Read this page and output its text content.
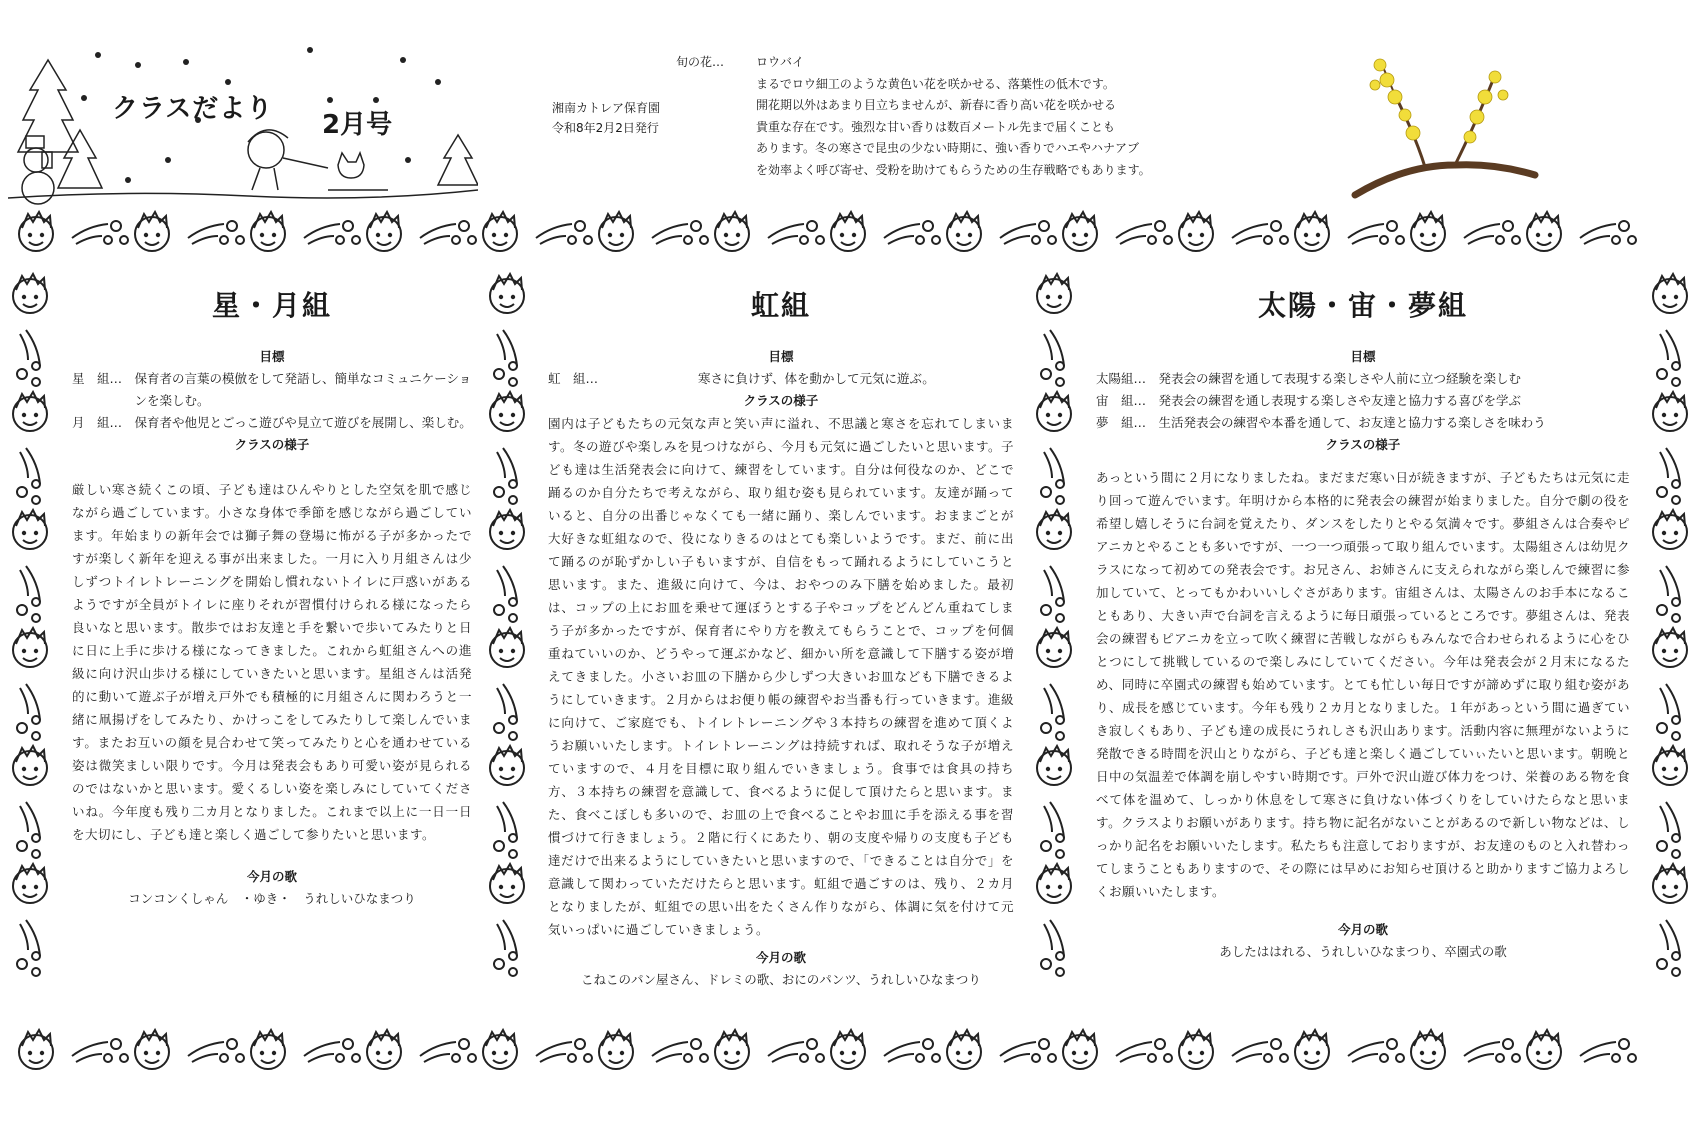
クラスだより
2月号
湘南カトレア保育園
令和8年2月2日発行
旬の花…	ロウバイ
まるでロウ細工のような黄色い花を咲かせる、落葉性の低木です。
開花期以外はあまり目立ちませんが、新春に香り高い花を咲かせる
貴重な存在です。強烈な甘い香りは数百メートル先まで届くことも
あります。冬の寒さで昆虫の少ない時期に、強い香りでハエやハナアブ
を効率よく呼び寄せ、受粉を助けてもらうための生存戦略でもあります。
星・月組
目標
星　組…　 保育者の言葉の模倣をして発語し、簡単なコミュニケーションを楽しむ。
月　組…　 保育者や他児とごっこ遊びや見立て遊びを展開し、楽しむ。
クラスの様子
厳しい寒さ続くこの頃、子ども達はひんやりとした空気を肌で感じながら過ごしています。小さな身体で季節を感じながら過ごしています。年始まりの新年会では獅子舞の登場に怖がる子が多かったですが楽しく新年を迎える事が出来ました。一月に入り月組さんは少しずつトイレトレーニングを開始し慣れないトイレに戸惑いがあるようですが全員がトイレに座りそれが習慣付けられる様になったら良いなと思います。散歩ではお友達と手を繋いで歩いてみたりと日に日に上手に歩ける様になってきました。これから虹組さんへの進級に向け沢山歩ける様にしていきたいと思います。星組さんは活発的に動いて遊ぶ子が増え戸外でも積極的に月組さんに関わろうと一緒に凧揚げをしてみたり、かけっこをしてみたりして楽しんでいます。またお互いの顔を見合わせて笑ってみたりと心を通わせている姿は微笑ましい限りです。今月は発表会もあり可愛い姿が見られるのではないかと思います。愛くるしい姿を楽しみにしていてくださいね。今年度も残り二カ月となりました。これまで以上に一日一日を大切にし、子ども達と楽しく過ごして参りたいと思います。
今月の歌
コンコンくしゃん　・ゆき・　うれしいひなまつり
虹組
目標
虹　組…　　　　　　　　 寒さに負けず、体を動かして元気に遊ぶ。
クラスの様子
園内は子どもたちの元気な声と笑い声に溢れ、不思議と寒さを忘れてしまいます。冬の遊びや楽しみを見つけながら、今月も元気に過ごしたいと思います。子ども達は生活発表会に向けて、練習をしています。自分は何役なのか、どこで踊るのか自分たちで考えながら、取り組む姿も見られています。友達が踊っていると、自分の出番じゃなくても一緒に踊り、楽しんでいます。おままごとが大好きな虹組なので、役になりきるのはとても楽しいようです。まだ、前に出て踊るのが恥ずかしい子もいますが、自信をもって踊れるようにしていこうと思います。また、進級に向けて、今は、おやつのみ下膳を始めました。最初は、コップの上にお皿を乗せて運ぼうとする子やコップをどんどん重ねてしまう子が多かったですが、保育者にやり方を教えてもらうことで、コップを何個重ねていいのか、どうやって運ぶかなど、細かい所を意識して下膳する姿が増えてきました。小さいお皿の下膳から少しずつ大きいお皿なども下膳できるようにしていきます。２月からはお便り帳の練習やお当番も行っていきます。進級に向けて、ご家庭でも、トイレトレーニングや３本持ちの練習を進めて頂くようお願いいたします。トイレトレーニングは持続すれば、取れそうな子が増えていますので、４月を目標に取り組んでいきましょう。食事では食具の持ち方、３本持ちの練習を意識して、食べるように促して頂けたらと思います。また、食べこぼしも多いので、お皿の上で食べることやお皿に手を添える事を習慣づけて行きましょう。２階に行くにあたり、朝の支度や帰りの支度も子ども達だけで出来るようにしていきたいと思いますので、「できることは自分で」を意識して関わっていただけたらと思います。虹組で過ごすのは、残り、２カ月となりましたが、虹組での思い出をたくさん作りながら、体調に気を付けて元気いっぱいに過ごしていきましょう。
今月の歌
こねこのパン屋さん、ドレミの歌、おにのパンツ、うれしいひなまつり
太陽・宙・夢組
目標
太陽組…　 発表会の練習を通して表現する楽しさや人前に立つ経験を楽しむ
宙　組…　 発表会の練習を通し表現する楽しさや友達と協力する喜びを学ぶ
夢　組…　 生活発表会の練習や本番を通して、お友達と協力する楽しさを味わう
クラスの様子
あっという間に２月になりましたね。まだまだ寒い日が続きますが、子どもたちは元気に走り回って遊んでいます。年明けから本格的に発表会の練習が始まりました。自分で劇の役を希望し嬉しそうに台詞を覚えたり、ダンスをしたりとやる気満々です。夢組さんは合奏やピアニカとやることも多いですが、一つ一つ頑張って取り組んでいます。太陽組さんは幼児クラスになって初めての発表会です。お兄さん、お姉さんに支えられながら楽しんで練習に参加していて、とってもかわいいしぐさがあります。宙組さんは、太陽さんのお手本になることもあり、大きい声で台詞を言えるように毎日頑張っているところです。夢組さんは、発表会の練習もピアニカを立って吹く練習に苦戦しながらもみんなで合わせられるように心をひとつにして挑戦しているので楽しみにしていてください。今年は発表会が２月末になるため、同時に卒園式の練習も始めています。とても忙しい毎日ですが諦めずに取り組む姿があり、成長を感じています。今年も残り２カ月となりました。１年があっという間に過ぎていき寂しくもあり、子ども達の成長にうれしさも沢山あります。活動内容に無理がないように発散できる時間を沢山とりながら、子ども達と楽しく過ごしていぃたいと思います。朝晩と日中の気温差で体調を崩しやすい時期です。戸外で沢山遊び体力をつけ、栄養のある物を食べて体を温めて、しっかり休息をして寒さに負けない体づくりをしていけたらなと思います。クラスよりお願いがあります。持ち物に記名がないことがあるので新しい物などは、しっかり記名をお願いいたします。私たちも注意しておりますが、お友達のものと入れ替わってしまうこともありますので、その際には早めにお知らせ頂けると助かりますご協力よろしくお願いいたします。
今月の歌
あしたははれる、うれしいひなまつり、卒園式の歌
